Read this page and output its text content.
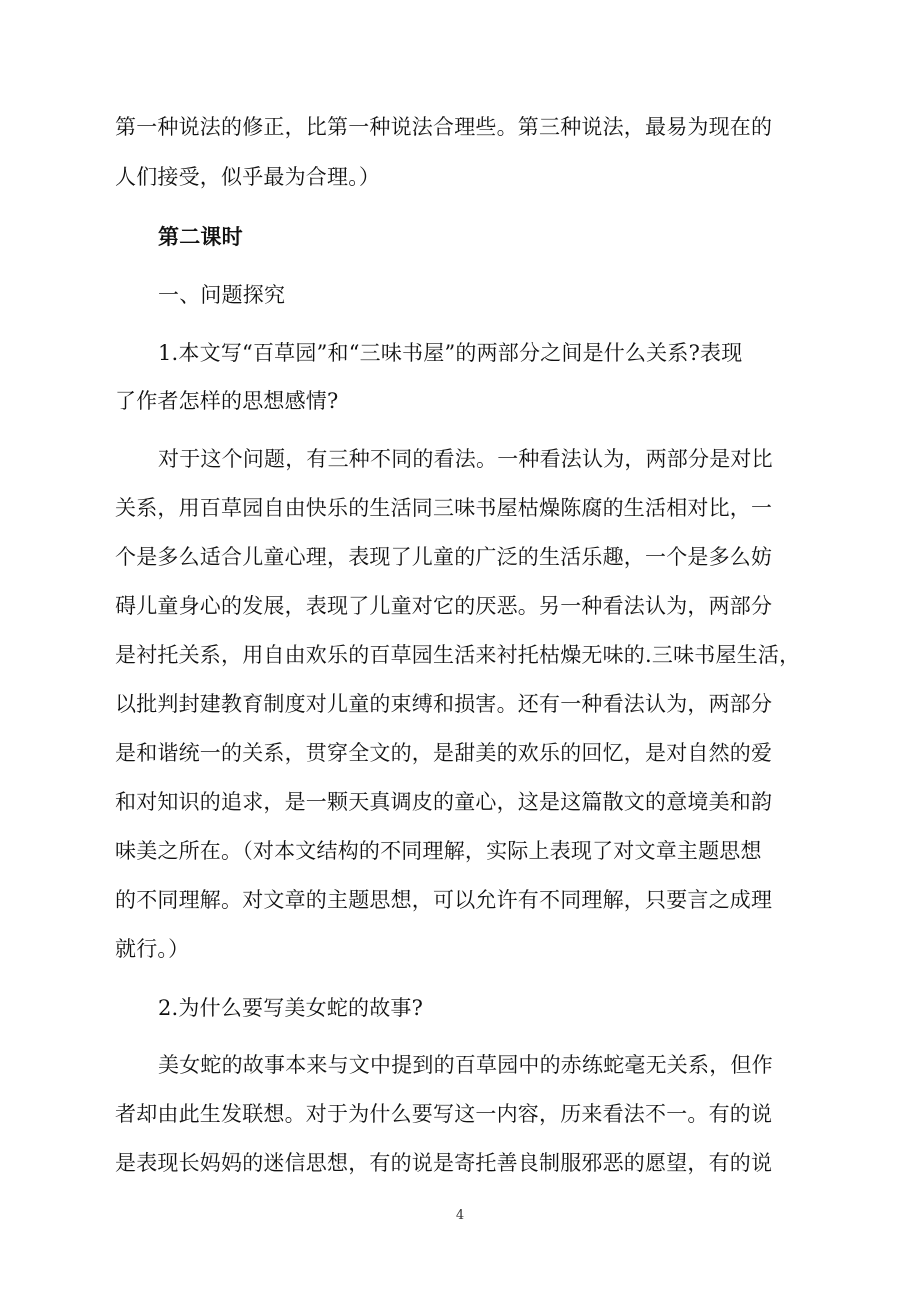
第一种说法的修正，比第一种说法合理些。第三种说法，最易为现在的
人们接受，似乎最为合理。）
第二课时
一、问题探究
1.本文写“百草园”和“三味书屋”的两部分之间是什么关系?表现
了作者怎样的思想感情?
对于这个问题，有三种不同的看法。一种看法认为，两部分是对比
关系，用百草园自由快乐的生活同三味书屋枯燥陈腐的生活相对比，一
个是多么适合儿童心理，表现了儿童的广泛的生活乐趣，一个是多么妨
碍儿童身心的发展，表现了儿童对它的厌恶。另一种看法认为，两部分
是衬托关系，用自由欢乐的百草园生活来衬托枯燥无味的.三味书屋生活，
以批判封建教育制度对儿童的束缚和损害。还有一种看法认为，两部分
是和谐统一的关系，贯穿全文的，是甜美的欢乐的回忆，是对自然的爱
和对知识的追求，是一颗天真调皮的童心，这是这篇散文的意境美和韵
味美之所在。（对本文结构的不同理解，实际上表现了对文章主题思想
的不同理解。对文章的主题思想，可以允许有不同理解，只要言之成理
就行。）
2.为什么要写美女蛇的故事?
美女蛇的故事本来与文中提到的百草园中的赤练蛇毫无关系，但作
者却由此生发联想。对于为什么要写这一内容，历来看法不一。有的说
是表现长妈妈的迷信思想，有的说是寄托善良制服邪恶的愿望，有的说
4
